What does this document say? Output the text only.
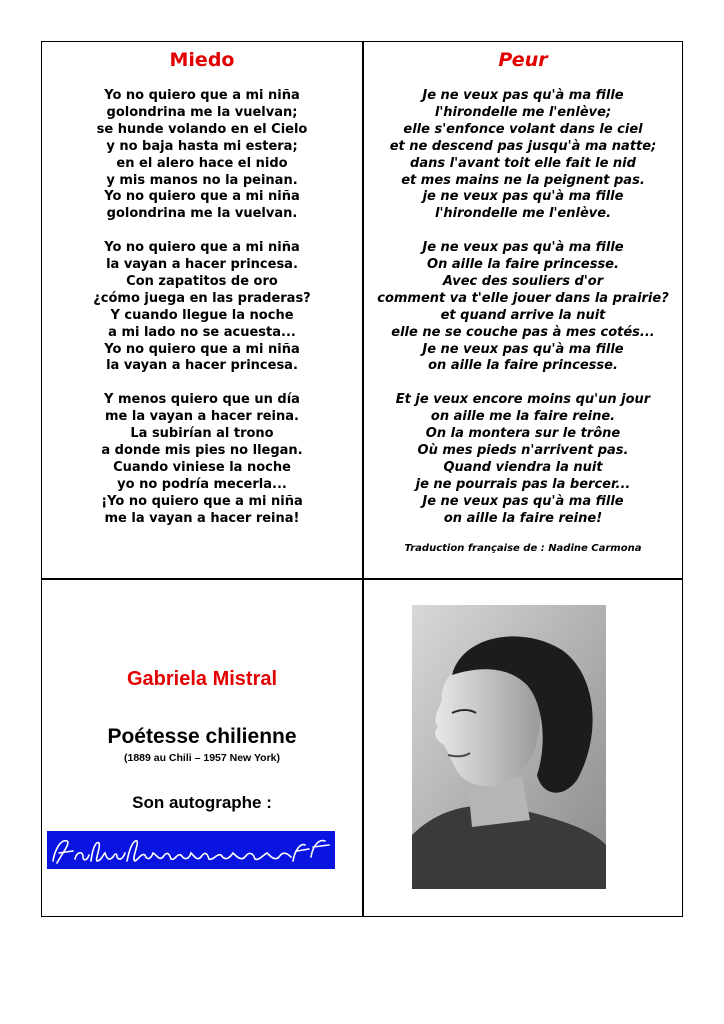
Miedo
Yo no quiero que a mi niña
golondrina me la vuelvan;
se hunde volando en el Cielo
y no baja hasta mi estera;
en el alero hace el nido
y mis manos no la peinan.
Yo no quiero que a mi niña
golondrina me la vuelvan.
Yo no quiero que a mi niña
la vayan a hacer princesa.
Con zapatitos de oro
¿cómo juega en las praderas?
Y cuando llegue la noche
a mi lado no se acuesta...
Yo no quiero que a mi niña
la vayan a hacer princesa.
Y menos quiero que un día
me la vayan a hacer reina.
La subirían al trono
a donde mis pies no llegan.
Cuando viniese la noche
yo no podría mecerla...
¡Yo no quiero que a mi niña
me la vayan a hacer reina!
Peur
Je ne veux pas qu'à ma fille
l'hirondelle me l'enlève;
elle s'enfonce volant dans le ciel
et ne descend pas jusqu'à ma natte;
dans l'avant toit elle fait le nid
et mes mains ne la peignent pas.
je ne veux pas qu'à ma fille
l'hirondelle me l'enlève.
Je ne veux pas qu'à ma fille
On aille la faire princesse.
Avec des souliers d'or
comment va t'elle jouer dans la prairie?
et quand arrive la nuit
elle ne se couche pas à mes cotés...
Je ne veux pas qu'à ma fille
on aille la faire princesse.
Et je veux encore moins qu'un jour
on aille me la faire reine.
On la montera sur le trône
Où mes pieds n'arrivent pas.
Quand viendra la nuit
je ne pourrais pas la bercer...
Je ne veux pas qu'à ma fille
on aille la faire reine!
Traduction française de : Nadine Carmona
Gabriela Mistral
Poétesse chilienne
(1889 au Chili – 1957 New York)
Son autographe :
